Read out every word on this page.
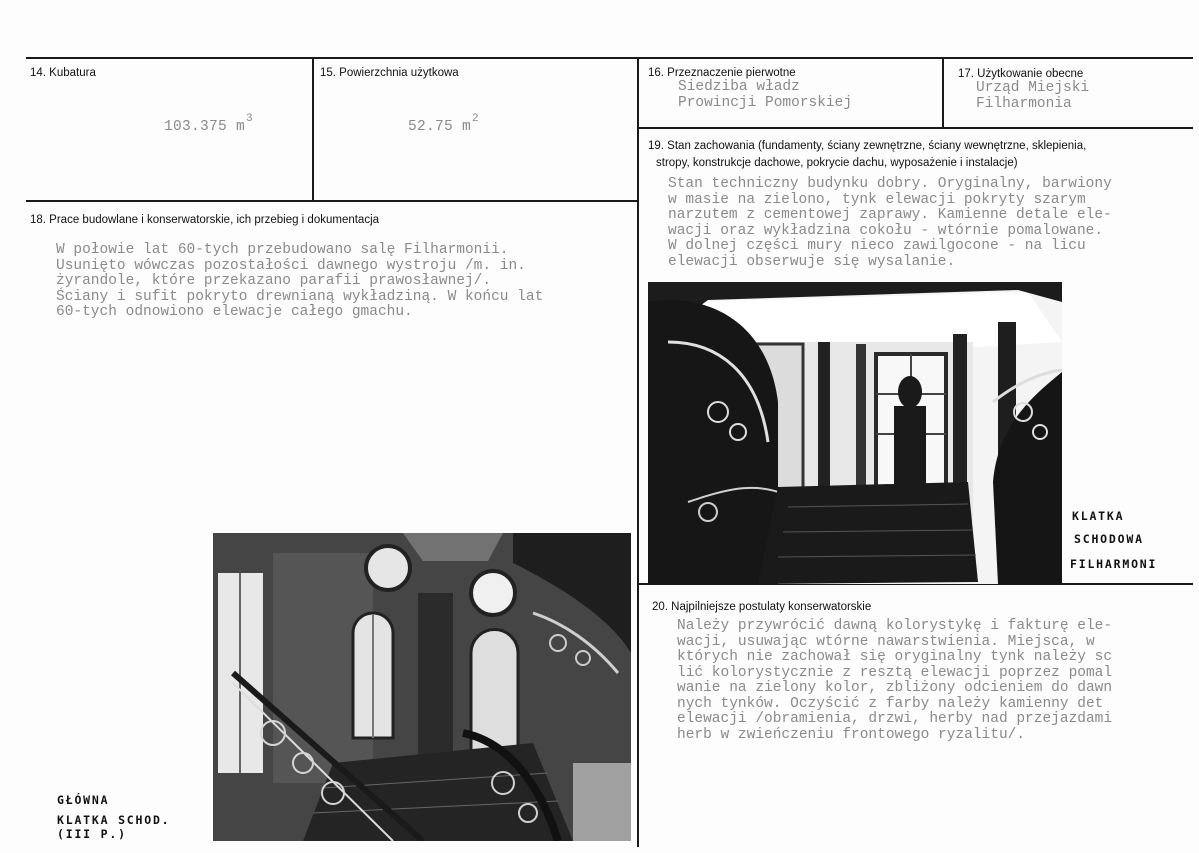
14. Kubatura

103.375 $m^3$

15. Powierzchnia użytkowa

52.75 $m^2$

16. Przeznaczenie pierwotne
Siedziba władz
Prowincji Pomorskiej
17. Użytkowanie obecne
Urząd Miejski
Filharmonia
19. Stan zachowania (fundamenty, ściany zewnętrzne, ściany wewnętrzne, sklepienia,
stropy, konstrukcje dachowe, pokrycie dachu, wyposażenie i instalacje)
Stan techniczny budynku dobry. Oryginalny, barwiony
w masie na zielono, tynk elewacji pokryty szarym
narzutem z cementowej zaprawy. Kamienne detale ele-
wacji oraz wykładzina cokołu - wtórnie pomalowane.
W dolnej części mury nieco zawilgocone - na licu
elewacji obserwuje się wysalanie.
18. Prace budowlane i konserwatorskie, ich przebieg i dokumentacja
W połowie lat 60-tych przebudowano salę Filharmonii.
Usunięto wówczas pozostałości dawnego wystroju /m. in.
żyrandole, które przekazano parafii prawosławnej/.
Ściany i sufit pokryto drewnianą wykładziną. W końcu lat
60-tych odnowiono elewacje całego gmachu.
20. Najpilniejsze postulaty konserwatorskie
Należy przywrócić dawną kolorystykę i fakturę ele-
wacji, usuwając wtórne nawarstwienia. Miejsca, w
których nie zachował się oryginalny tynk należy sc
lić kolorystycznie z resztą elewacji poprzez pomal
wanie na zielony kolor, zbliżony odcieniem do dawn
nych tynków. Oczyścić z farby należy kamienny det
elewacji /obramienia, drzwi, herby nad przejazdami
herb w zwieńczeniu frontowego ryzalitu/.
KLATKA
SCHODOWA
FILHARMONI
GŁÓWNA
KLATKA SCHOD.
(III P.)
